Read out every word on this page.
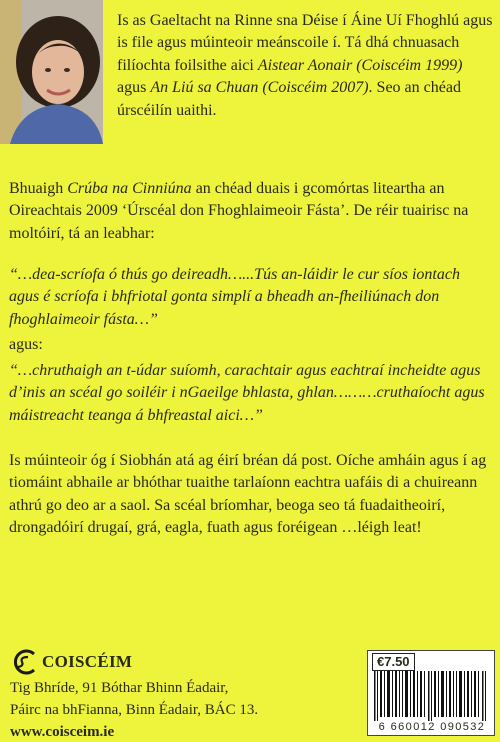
Is as Gaeltacht na Rinne sna Déise í Áine Uí Fhoghlú agus is file agus múinteoir meánscoile í. Tá dhá chnuasach filíochta foilsithe aici Aistear Aonair (Coiscéim 1999) agus An Liú sa Chuan (Coiscéim 2007). Seo an chéad úrscéilín uaithi.

Bhuaigh Crúba na Cinniúna an chéad duais i gcomórtas liteartha an Oireachtais 2009 ‘Úrscéal don Fhoghlaimeoir Fásta’. De réir tuairisc na moltóirí, tá an leabhar:

“…dea-scríofa ó thús go deireadh…...Tús an-láidir le cur síos iontach agus é scríofa i bhfriotal gonta simplí a bheadh an-fheiliúnach don fhoghlaimeoir fásta…”

agus:

“…chruthaigh an t-údar suíomh, carachtair agus eachtraí incheidte agus d’inis an scéal go soiléir i nGaeilge bhlasta, ghlan………cruthaíocht agus máistreacht teanga á bhfreastal aici…”

Is múinteoir óg í Siobhán atá ag éirí bréan dá post. Oíche amháin agus í ag tiomáint abhaile ar bhóthar tuaithe tarlaíonn eachtra uafáis di a chuireann athrú go deo ar a saol. Sa scéal bríomhar, beoga seo tá fuadaitheoirí, drongadóirí drugaí, grá, eagla, fuath agus foréigean …léigh leat!

COISCÉIM
Tig Bhríde, 91 Bóthar Bhinn Éadair,
Páirc na bhFianna, Binn Éadair, BÁC 13.
www.coisceim.ie
€7.50
6 660012 090532
